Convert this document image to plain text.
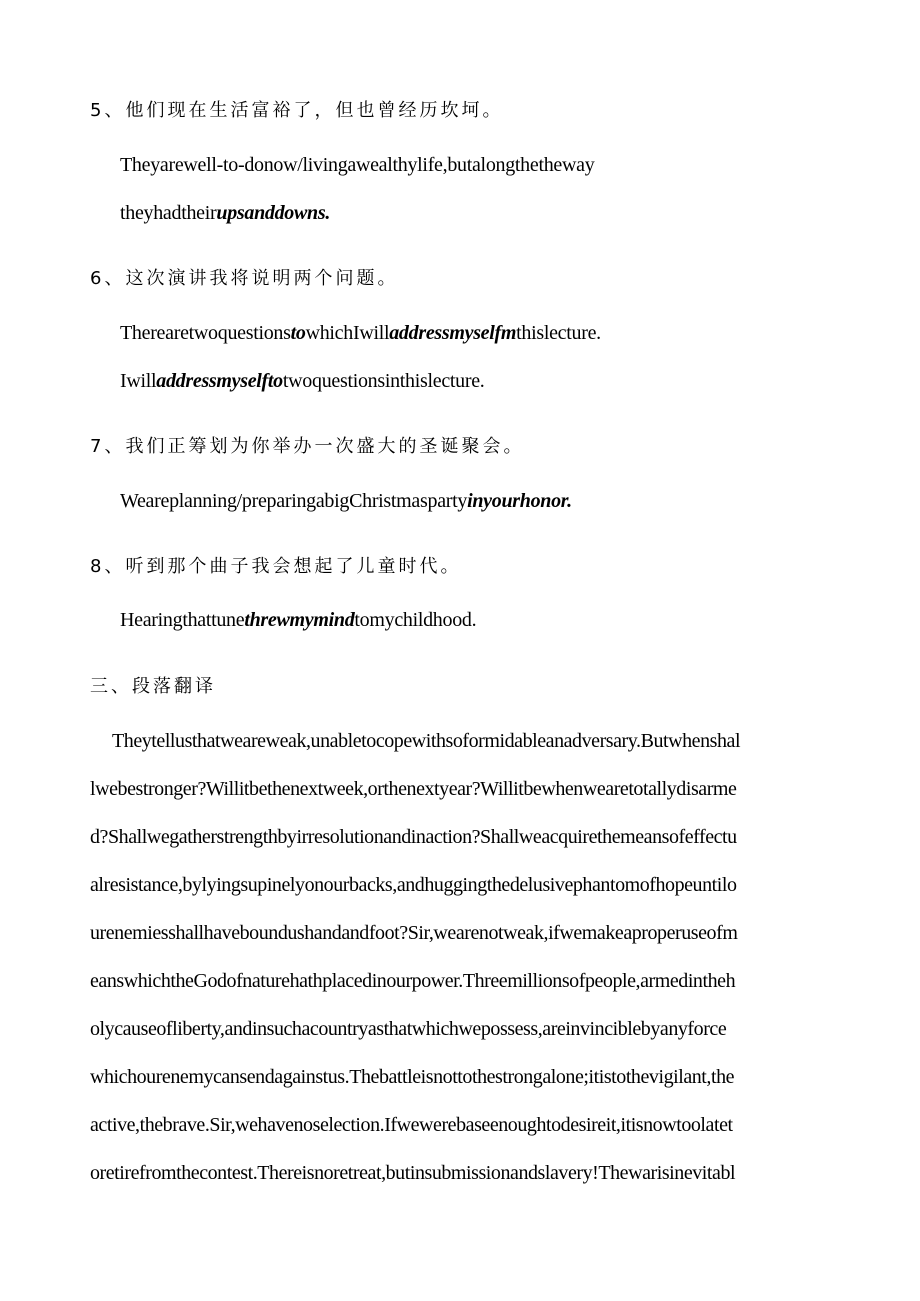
5、他们现在生活富裕了，但也曾经历坎坷。
Theyarewell-to-donow/livingawealthylife,butalongthetheway
theyhadtheirupsanddowns.
6、这次演讲我将说明两个问题。
TherearetwoquestionstowhichIwilladdressmyselfmthislecture.
Iwilladdressmyselftotwoquestionsinthislecture.
7、我们正筹划为你举办一次盛大的圣诞聚会。
Weareplanning/preparingabigChristmaspartyinyourhonor.
8、听到那个曲子我会想起了儿童时代。
Hearingthattunethrewmymindtomychildhood.
三、段落翻译
Theytellusthatweareweak,unabletocopewithsoformidableanadversary.Butwhenshal
lwebestronger?Willitbethenextweek,orthenextyear?Willitbewhenwearetotallydisarme
d?Shallwegatherstrengthbyirresolutionandinaction?Shallweacquirethemeansofeffectu
alresistance,bylyingsupinelyonourbacks,andhuggingthedelusivephantomofhopeuntilo
urenemiesshallhaveboundushandandfoot?Sir,wearenotweak,ifwemakeaproperuseofm
eanswhichtheGodofnaturehathplacedinourpower.Threemillionsofpeople,armedintheh
olycauseofliberty,andinsuchacountryasthatwhichwepossess,areinvinciblebyanyforce
whichourenemycansendagainstus.Thebattleisnottothestrongalone;itistothevigilant,the
active,thebrave.Sir,wehavenoselection.Ifwewerebaseenoughtodesireit,itisnowtoolatet
oretirefromthecontest.Thereisnoretreat,butinsubmissionandslavery!Thewarisinevitabl
